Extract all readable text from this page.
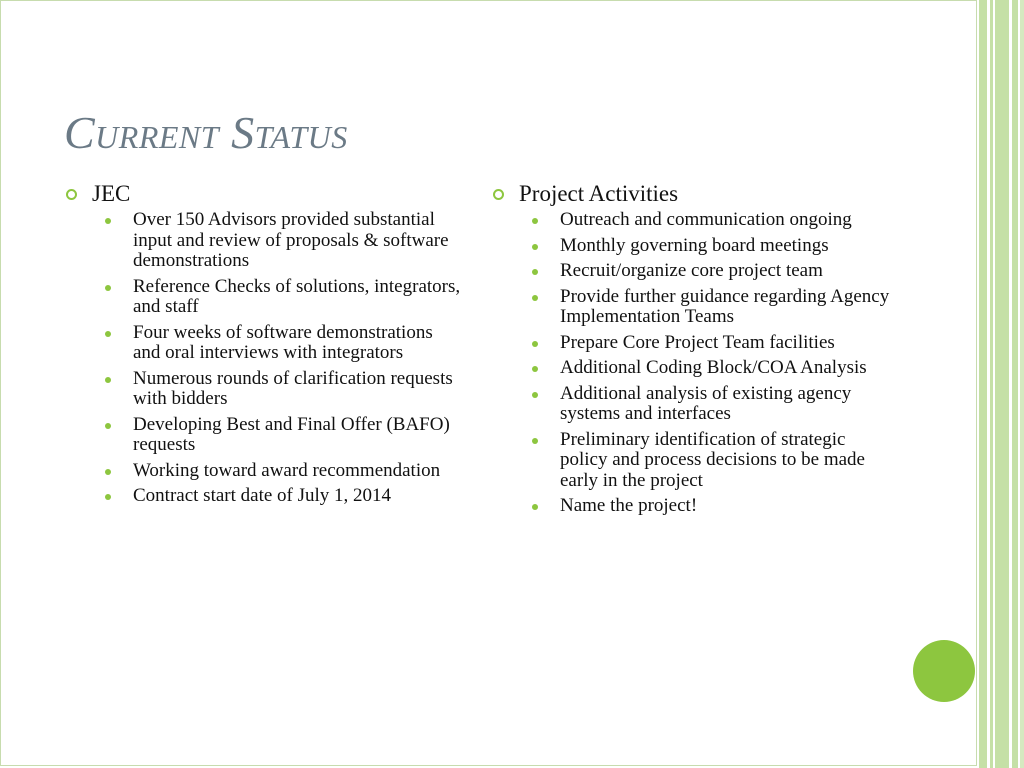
Current Status
JEC
Over 150 Advisors provided substantial input and review of proposals & software demonstrations
Reference Checks of solutions, integrators, and staff
Four weeks of software demonstrations and oral interviews with integrators
Numerous rounds of clarification requests with bidders
Developing Best and Final Offer (BAFO) requests
Working toward award recommendation
Contract start date of July 1, 2014
Project Activities
Outreach and communication ongoing
Monthly governing board meetings
Recruit/organize core project team
Provide further guidance regarding Agency Implementation Teams
Prepare Core Project Team facilities
Additional Coding Block/COA Analysis
Additional analysis of existing agency systems and interfaces
Preliminary identification of strategic policy and process decisions to be made early in the project
Name the project!
